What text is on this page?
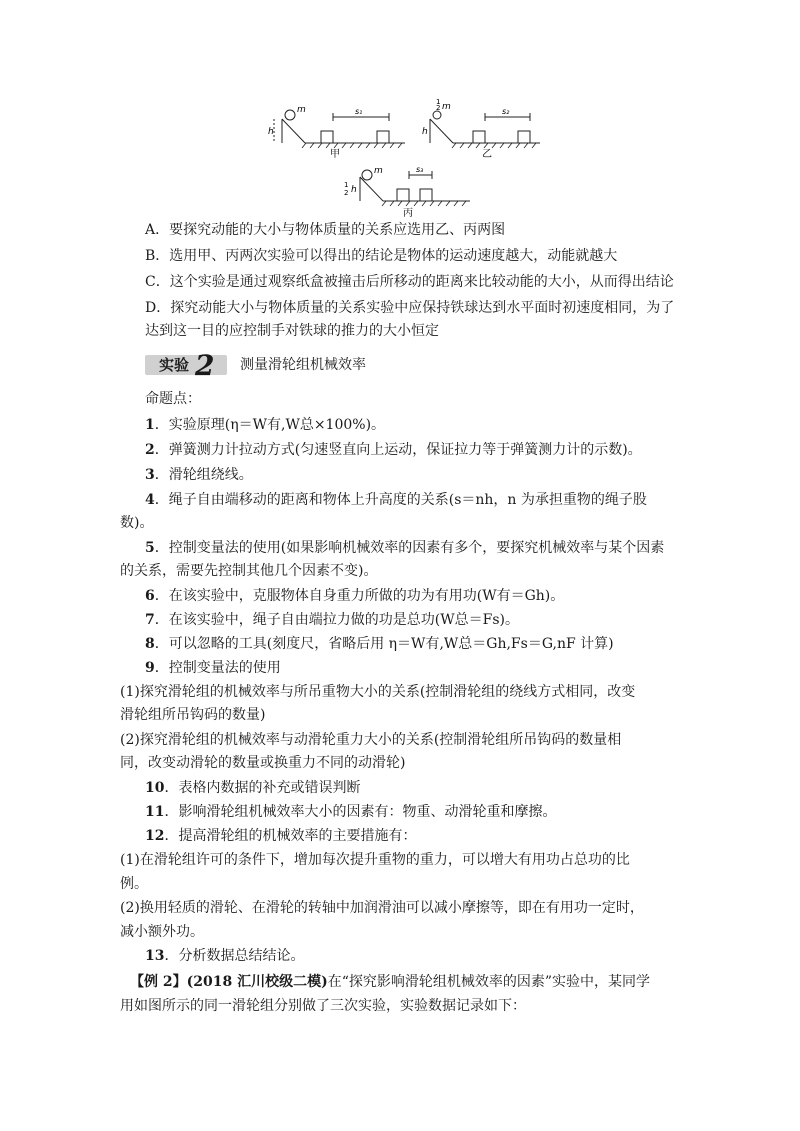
m
h
s₁
甲
1
2 m
h
s₂
乙
m
1
2 h
s₃
丙
A．要探究动能的大小与物体质量的关系应选用乙、丙两图
B．选用甲、丙两次实验可以得出的结论是物体的运动速度越大，动能就越大
C．这个实验是通过观察纸盒被撞击后所移动的距离来比较动能的大小，从而得出结论
D．探究动能大小与物体质量的关系实验中应保持铁球达到水平面时初速度相同，为了
达到这一目的应控制手对铁球的推力的大小恒定
实验 2 测量滑轮组机械效率
命题点：
1．实验原理(η＝W有,W总×100%)。
2．弹簧测力计拉动方式(匀速竖直向上运动，保证拉力等于弹簧测力计的示数)。
3．滑轮组绕线。
4．绳子自由端移动的距离和物体上升高度的关系(s＝nh，n 为承担重物的绳子股
数)。
5．控制变量法的使用(如果影响机械效率的因素有多个，要探究机械效率与某个因素
的关系，需要先控制其他几个因素不变)。
6．在该实验中，克服物体自身重力所做的功为有用功(W有＝Gh)。
7．在该实验中，绳子自由端拉力做的功是总功(W总＝Fs)。
8．可以忽略的工具(刻度尺，省略后用 η＝W有,W总＝Gh,Fs＝G,nF 计算)
9．控制变量法的使用
(1)探究滑轮组的机械效率与所吊重物大小的关系(控制滑轮组的绕线方式相同，改变
滑轮组所吊钩码的数量)
(2)探究滑轮组的机械效率与动滑轮重力大小的关系(控制滑轮组所吊钩码的数量相
同，改变动滑轮的数量或换重力不同的动滑轮)
10．表格内数据的补充或错误判断
11．影响滑轮组机械效率大小的因素有：物重、动滑轮重和摩擦。
12．提高滑轮组的机械效率的主要措施有：
(1)在滑轮组许可的条件下，增加每次提升重物的重力，可以增大有用功占总功的比
例。
(2)换用轻质的滑轮、在滑轮的转轴中加润滑油可以减小摩擦等，即在有用功一定时，
减小额外功。
13．分析数据总结结论。
【例 2】(2018 汇川校级二模)在“探究影响滑轮组机械效率的因素”实验中，某同学
用如图所示的同一滑轮组分别做了三次实验，实验数据记录如下：
